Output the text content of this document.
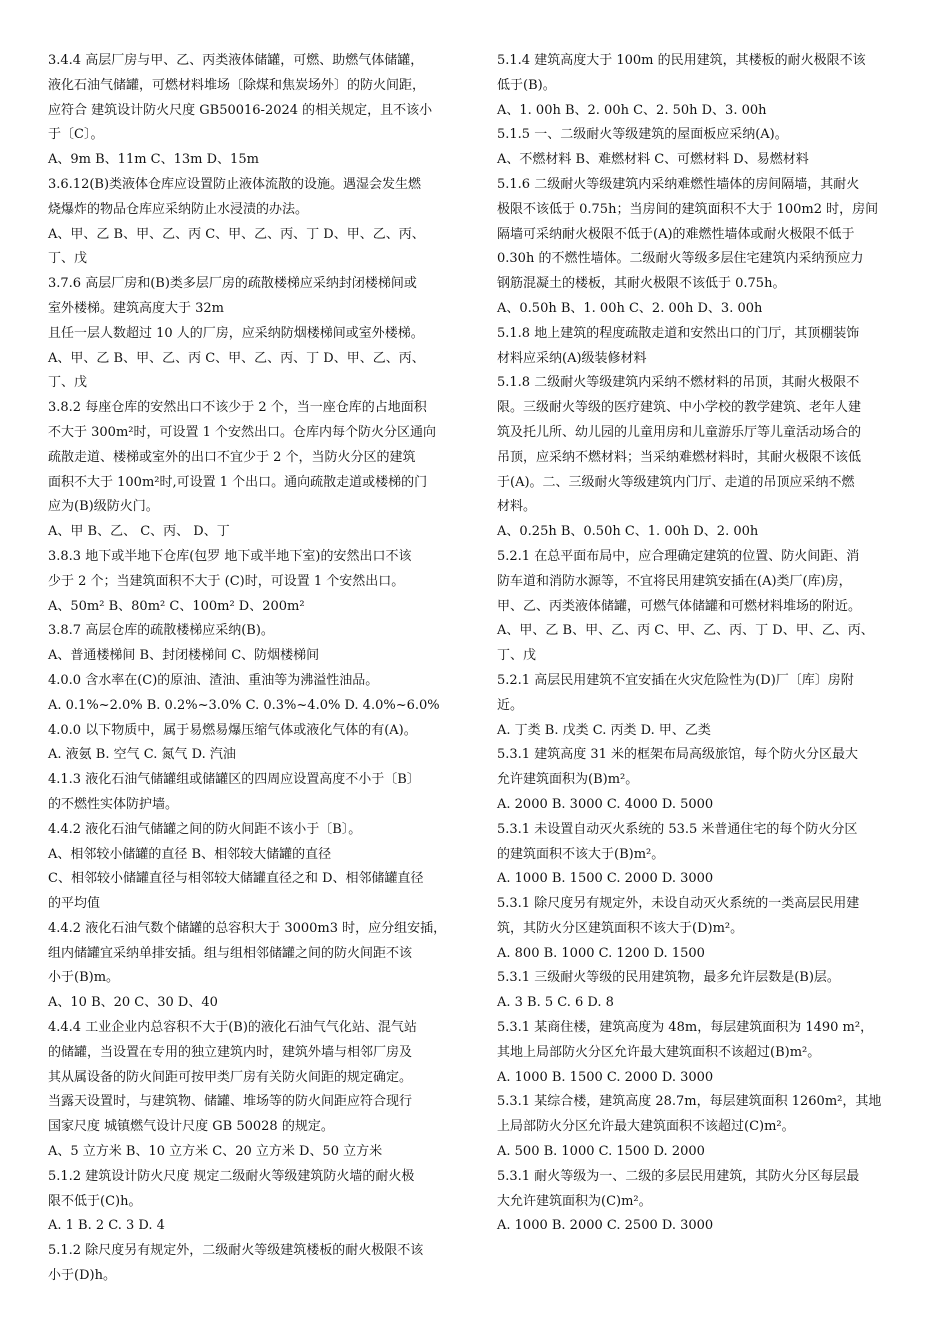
3.4.4 高层厂房与甲、乙、丙类液体储罐，可燃、助燃气体储罐，

液化石油气储罐，可燃材料堆场〔除煤和焦炭场外〕的防火间距，

应符合 建筑设计防火尺度 GB50016-2024 的相关规定，且不该小

于〔C〕。

A、9m B、11m C、13m D、15m

3.6.12(B)类液体仓库应设置防止液体流散的设施。遇湿会发生燃

烧爆炸的物品仓库应采纳防止水浸渍的办法。

A、甲、乙 B、甲、乙、丙 C、甲、乙、丙、丁 D、甲、乙、丙、

丁、戊

3.7.6 高层厂房和(B)类多层厂房的疏散楼梯应采纳封闭楼梯间或

室外楼梯。建筑高度大于 32m

且任一层人数超过 10 人的厂房，应采纳防烟楼梯间或室外楼梯。

A、甲、乙 B、甲、乙、丙 C、甲、乙、丙、丁 D、甲、乙、丙、

丁、戊

3.8.2 每座仓库的安然出口不该少于 2 个，当一座仓库的占地面积

不大于 300m²时，可设置 1 个安然出口。仓库内每个防火分区通向

疏散走道、楼梯或室外的出口不宜少于 2 个，当防火分区的建筑

面积不大于 100m²时,可设置 1 个出口。通向疏散走道或楼梯的门

应为(B)级防火门。

A、甲 B、乙、 C、丙、 D、丁

3.8.3 地下或半地下仓库(包罗 地下或半地下室)的安然出口不该

少于 2 个；当建筑面积不大于 (C)时，可设置 1 个安然出口。

A、50m² B、80m² C、100m² D、200m²

3.8.7 高层仓库的疏散楼梯应采纳(B)。

A、普通楼梯间 B、封闭楼梯间 C、防烟楼梯间

4.0.0 含水率在(C)的原油、渣油、重油等为沸溢性油品。

A. 0.1%~2.0% B. 0.2%~3.0% C. 0.3%~4.0% D. 4.0%~6.0%

4.0.0 以下物质中，属于易燃易爆压缩气体或液化气体的有(A)。

A. 液氨 B. 空气 C. 氮气 D. 汽油

4.1.3 液化石油气储罐组或储罐区的四周应设置高度不小于〔B〕

的不燃性实体防护墙。

4.4.2 液化石油气储罐之间的防火间距不该小于〔B〕。

A、相邻较小储罐的直径 B、相邻较大储罐的直径

C、相邻较小储罐直径与相邻较大储罐直径之和 D、相邻储罐直径

的平均值

4.4.2 液化石油气数个储罐的总容积大于 3000m3 时，应分组安插，

组内储罐宜采纳单排安插。组与组相邻储罐之间的防火间距不该

小于(B)m。

A、10 B、20 C、30 D、40

4.4.4 工业企业内总容积不大于(B)的液化石油气气化站、混气站

的储罐，当设置在专用的独立建筑内时，建筑外墙与相邻厂房及

其从属设备的防火间距可按甲类厂房有关防火间距的规定确定。

当露天设置时，与建筑物、储罐、堆场等的防火间距应符合现行

国家尺度 城镇燃气设计尺度 GB 50028 的规定。

A、5 立方米 B、10 立方米 C、20 立方米 D、50 立方米

5.1.2 建筑设计防火尺度 规定二级耐火等级建筑防火墙的耐火极

限不低于(C)h。

A. 1 B. 2 C. 3 D. 4

5.1.2 除尺度另有规定外，二级耐火等级建筑楼板的耐火极限不该

小于(D)h。

5.1.4 建筑高度大于 100m 的民用建筑，其楼板的耐火极限不该

低于(B)。

A、1. 00h B、2. 00h C、2. 50h D、3. 00h

5.1.5 一、二级耐火等级建筑的屋面板应采纳(A)。

A、不燃材料 B、难燃材料 C、可燃材料 D、易燃材料

5.1.6 二级耐火等级建筑内采纳难燃性墙体的房间隔墙，其耐火

极限不该低于 0.75h；当房间的建筑面积不大于 100m2 时，房间

隔墙可采纳耐火极限不低于(A)的难燃性墙体或耐火极限不低于

0.30h 的不燃性墙体。二级耐火等级多层住宅建筑内采纳预应力

钢筋混凝土的楼板，其耐火极限不该低于 0.75h。

A、0.50h B、1. 00h C、2. 00h D、3. 00h

5.1.8 地上建筑的程度疏散走道和安然出口的门厅，其顶棚装饰

材料应采纳(A)级装修材料

5.1.8 二级耐火等级建筑内采纳不燃材料的吊顶，其耐火极限不

限。三级耐火等级的医疗建筑、中小学校的教学建筑、老年人建

筑及托儿所、幼儿园的儿童用房和儿童游乐厅等儿童活动场合的

吊顶，应采纳不燃材料；当采纳难燃材料时，其耐火极限不该低

于(A)。二、三级耐火等级建筑内门厅、走道的吊顶应采纳不燃

材料。

A、0.25h B、0.50h C、1. 00h D、2. 00h

5.2.1 在总平面布局中，应合理确定建筑的位置、防火间距、消

防车道和消防水源等，不宜将民用建筑安插在(A)类厂(库)房，

甲、乙、丙类液体储罐，可燃气体储罐和可燃材料堆场的附近。

A、甲、乙 B、甲、乙、丙 C、甲、乙、丙、丁 D、甲、乙、丙、

丁、戊

5.2.1 高层民用建筑不宜安插在火灾危险性为(D)厂〔库〕房附

近。

A. 丁类 B. 戊类 C. 丙类 D. 甲、乙类

5.3.1 建筑高度 31 米的框架布局高级旅馆，每个防火分区最大

允许建筑面积为(B)m²。

A. 2000 B. 3000 C. 4000 D. 5000

5.3.1 未设置自动灭火系统的 53.5 米普通住宅的每个防火分区

的建筑面积不该大于(B)m²。

A. 1000 B. 1500 C. 2000 D. 3000

5.3.1 除尺度另有规定外，未设自动灭火系统的一类高层民用建

筑，其防火分区建筑面积不该大于(D)m²。

A. 800 B. 1000 C. 1200 D. 1500

5.3.1 三级耐火等级的民用建筑物，最多允许层数是(B)层。

A. 3 B. 5 C. 6 D. 8

5.3.1 某商住楼，建筑高度为 48m，每层建筑面积为 1490 m²，

其地上局部防火分区允许最大建筑面积不该超过(B)m²。

A. 1000 B. 1500 C. 2000 D. 3000

5.3.1 某综合楼，建筑高度 28.7m，每层建筑面积 1260m²，其地

上局部防火分区允许最大建筑面积不该超过(C)m²。

A. 500 B. 1000 C. 1500 D. 2000

5.3.1 耐火等级为一、二级的多层民用建筑，其防火分区每层最

大允许建筑面积为(C)m²。

A. 1000 B. 2000 C. 2500 D. 3000
